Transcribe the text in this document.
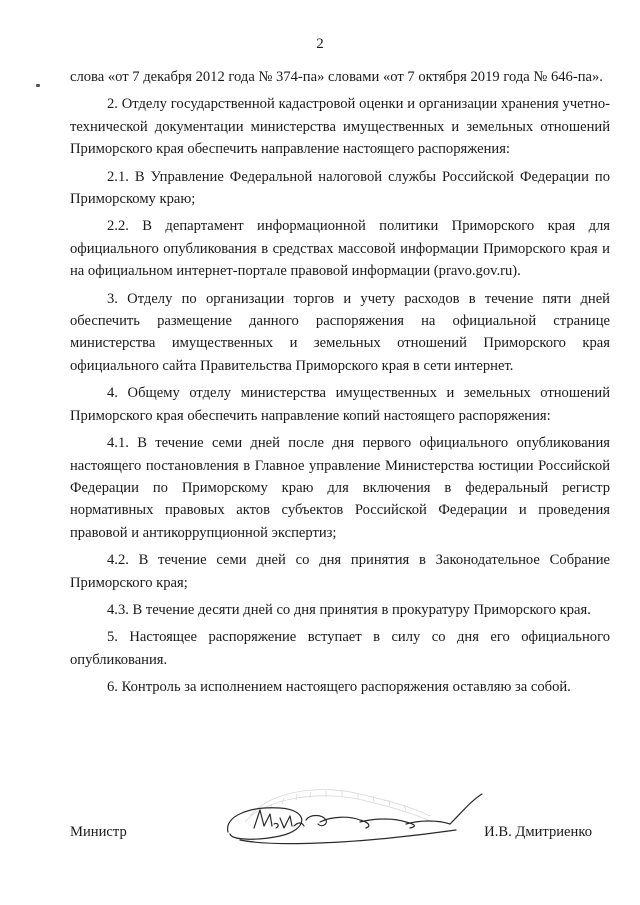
2

слова «от 7 декабря 2012 года № 374-па» словами «от 7 октября 2019 года № 646-па».

2. Отделу государственной кадастровой оценки и организации хранения учетно-технической документации министерства имущественных и земельных отношений Приморского края обеспечить направление настоящего распоряжения:

2.1. В Управление Федеральной налоговой службы Российской Федерации по Приморскому краю;

2.2. В департамент информационной политики Приморского края для официального опубликования в средствах массовой информации Приморского края и на официальном интернет-портале правовой информации (pravo.gov.ru).

3. Отделу по организации торгов и учету расходов в течение пяти дней обеспечить размещение данного распоряжения на официальной странице министерства имущественных и земельных отношений Приморского края официального сайта Правительства Приморского края в сети интернет.

4. Общему отделу министерства имущественных и земельных отношений Приморского края обеспечить направление копий настоящего распоряжения:

4.1. В течение семи дней после дня первого официального опубликования настоящего постановления в Главное управление Министерства юстиции Российской Федерации по Приморскому краю для включения в федеральный регистр нормативных правовых актов субъектов Российской Федерации и проведения правовой и антикоррупционной экспертиз;

4.2. В течение семи дней со дня принятия в Законодательное Собрание Приморского края;

4.3. В течение десяти дней со дня принятия в прокуратуру Приморского края.

5. Настоящее распоряжение вступает в силу со дня его официального опубликования.

6. Контроль за исполнением настоящего распоряжения оставляю за собой.

Министр	И.В. Дмитриенко
